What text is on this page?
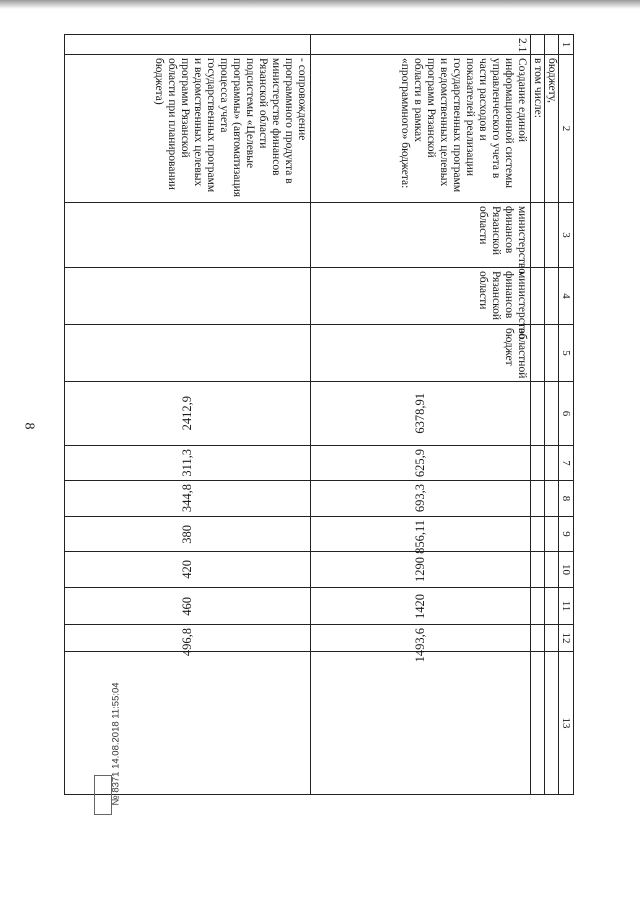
8
1	2	3	4	5	6	7	8	9	10	11	12	13
	бюджету,											
	в том числе:											
2.1	Создание единой информационной системы управленческого учета в части расходов и показателей реализации государственных программ и ведомственных целевых программ Рязанской области в рамках «программного» бюджета:	министерство финансов Рязанской области	министерство финансов Рязанской области	областной бюджет	6378,91	625,9	693,3	856,11	1290	1420	1493,6	
	- сопровождение программного продукта в министерстве финансов Рязанской области подсистемы «Целевые программы» (автоматизация процесса учета государственных программ и ведомственных целевых программ Рязанской области при планировании бюджета)				2412,9	311,3	344,8	380	420	460	496,8	
№ 8371 14.08.2018 11:55:04
